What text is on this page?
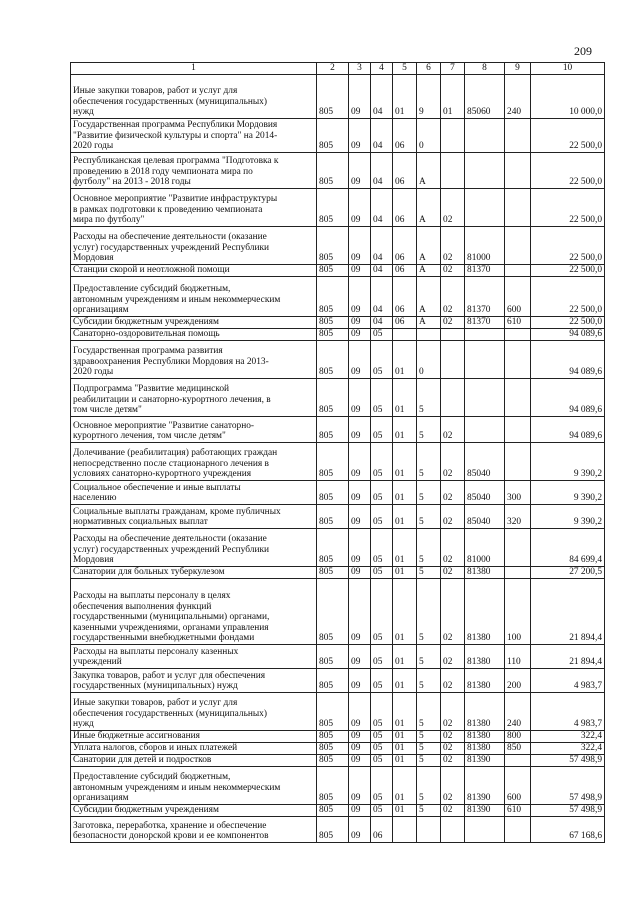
209
1	2	3	4	5	6	7	8	9	10
Иные закупки товаров, работ и услуг для
обеспечения государственных (муниципальных)
нужд	805	09	04	01	9	01	85060	240	10 000,0
Государственная программа Республики Мордовия
"Развитие физической культуры и спорта" на 2014-
2020 годы	805	09	04	06	0				22 500,0
Республиканская целевая программа "Подготовка к
проведению в 2018 году чемпионата мира по
футболу" на 2013 - 2018 годы	805	09	04	06	А				22 500,0
Основное мероприятие "Развитие инфраструктуры
в рамках подготовки к проведению чемпионата
мира по футболу"	805	09	04	06	А	02			22 500,0
Расходы на обеспечение деятельности (оказание
услуг) государственных учреждений Республики
Мордовия	805	09	04	06	А	02	81000		22 500,0
Станции скорой и неотложной помощи	805	09	04	06	А	02	81370		22 500,0
Предоставление субсидий бюджетным,
автономным учреждениям и иным некоммерческим
организациям	805	09	04	06	А	02	81370	600	22 500,0
Субсидии бюджетным учреждениям	805	09	04	06	А	02	81370	610	22 500,0
Санаторно-оздоровительная помощь	805	09	05						94 089,6
Государственная программа развития
здравоохранения Республики Мордовия на 2013-
2020 годы	805	09	05	01	0				94 089,6
Подпрограмма "Развитие медицинской
реабилитации и санаторно-курортного лечения, в
том числе детям"	805	09	05	01	5				94 089,6
Основное мероприятие "Развитие санаторно-
курортного лечения, том числе детям"	805	09	05	01	5	02			94 089,6
Долечивание (реабилитация) работающих граждан
непосредственно после стационарного лечения в
условиях санаторно-курортного учреждения	805	09	05	01	5	02	85040		9 390,2
Социальное обеспечение и иные выплаты
населению	805	09	05	01	5	02	85040	300	9 390,2
Социальные выплаты гражданам, кроме публичных
нормативных социальных выплат	805	09	05	01	5	02	85040	320	9 390,2
Расходы на обеспечение деятельности (оказание
услуг) государственных учреждений Республики
Мордовия	805	09	05	01	5	02	81000		84 699,4
Санатории для больных туберкулезом	805	09	05	01	5	02	81380		27 200,5
Расходы на выплаты персоналу в целях
обеспечения выполнения функций
государственными (муниципальными) органами,
казенными учреждениями, органами управления
государственными внебюджетными фондами	805	09	05	01	5	02	81380	100	21 894,4
Расходы на выплаты персоналу казенных
учреждений	805	09	05	01	5	02	81380	110	21 894,4
Закупка товаров, работ и услуг для обеспечения
государственных (муниципальных) нужд	805	09	05	01	5	02	81380	200	4 983,7
Иные закупки товаров, работ и услуг для
обеспечения государственных (муниципальных)
нужд	805	09	05	01	5	02	81380	240	4 983,7
Иные бюджетные ассигнования	805	09	05	01	5	02	81380	800	322,4
Уплата налогов, сборов и иных платежей	805	09	05	01	5	02	81380	850	322,4
Санатории для детей и подростков	805	09	05	01	5	02	81390		57 498,9
Предоставление субсидий бюджетным,
автономным учреждениям и иным некоммерческим
организациям	805	09	05	01	5	02	81390	600	57 498,9
Субсидии бюджетным учреждениям	805	09	05	01	5	02	81390	610	57 498,9
Заготовка, переработка, хранение и обеспечение
безопасности донорской крови и ее компонентов	805	09	06						67 168,6
